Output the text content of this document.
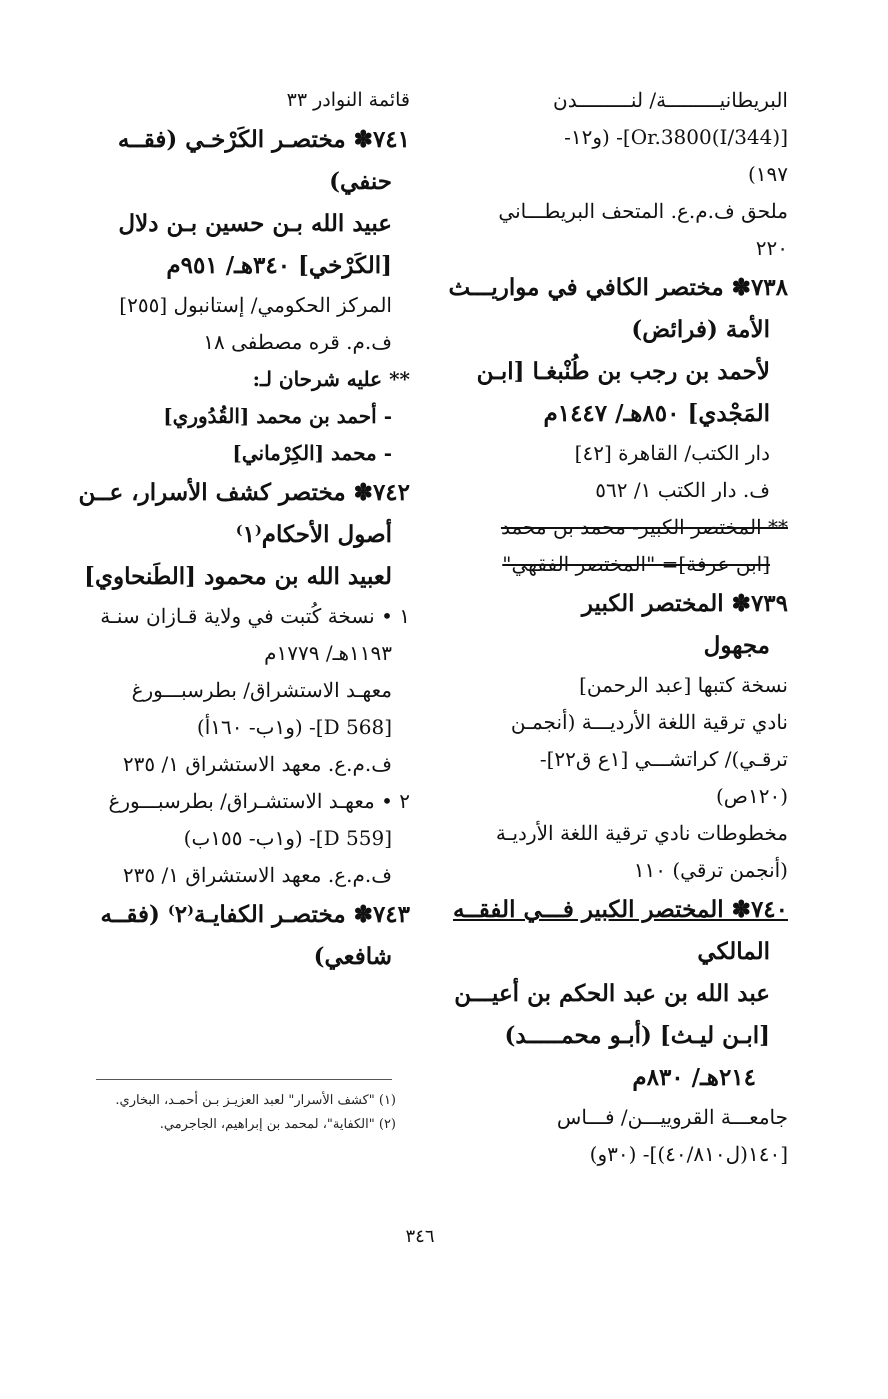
البريطانيـــــــــة/ لنـــــــــدن
[(344/I)Or.3800]- (و١٢-
١٩٧)
ملحق ف.م.ع. المتحف البريطـــاني
٢٢٠
٧٣٨✽ مختصر الكافي في مواريـــث
الأمة (فرائض)
لأحمد بن رجب بن طُنْبغـا [ابـن
المَجْدي] ٨٥٠هـ/ ١٤٤٧م
دار الكتب/ القاهرة [٤٢]
ف. دار الكتب ١/ ٥٦٢
** المختصر الكبير- محمد بن محمد
[ابن عرفة]= "المختصر الفقهي"
٧٣٩✽ المختصر الكبير
مجهول
نسخة كتبها [عبد الرحمن]
نادي ترقية اللغة الأرديـــة (أنجمـن
ترقـي)/ كراتشـــي [١ع ق٢٢]-
(١٢٠ص)
مخطوطات نادي ترقية اللغة الأرديـة
(أنجمن ترقي) ١١٠
٧٤٠✽ المختصر الكبير فـــي الفقــه
المالكي
عبد الله بن عبد الحكم بن أعيـــن
[ابـن ليـث] (أبـو محمـــــد)
٢١٤هـ/ ٨٣٠م
جامعـــة القروييـــن/ فـــاس
[١٤٠(ل٤٠/٨١٠)]- (٣٠و)
قائمة النوادر ٣٣
٧٤١✽ مختصـر الكَرْخـي (فقــه
حنفي)
عبيد الله بـن حسين بـن دلال
[الكَرْخي] ٣٤٠هـ/ ٩٥١م
المركز الحكومي/ إستانبول [٢٥٥]
ف.م. قره مصطفى ١٨
** عليه شرحان لـ:
- أحمد بن محمد [القُدُوري]
- محمد [الكِرْماني]
٧٤٢✽ مختصر كشف الأسرار، عــن
أصول الأحكام⁽١⁾
لعبيد الله بن محمود [الطَنحاوي]
١ • نسخة كُتبت في ولاية قـازان سنـة
١١٩٣هـ/ ١٧٧٩م
معهـد الاستشراق/ بطرسبـــورغ
[D 568]- (و١ب- ١٦٠أ)
ف.م.ع. معهد الاستشراق ١/ ٢٣٥
٢ • معهـد الاستشـراق/ بطرسبـــورغ
[D 559]- (و١ب- ١٥٥ب)
ف.م.ع. معهد الاستشراق ١/ ٢٣٥
٧٤٣✽ مختصـر الكفايـة⁽٢⁾ (فقــه
شافعي)
(١) "كشف الأسرار" لعبد العزيـز بـن أحمـد، البخاري.
(٢) "الكفاية"، لمحمد بن إبراهيم، الجاجرمي.
٣٤٦
